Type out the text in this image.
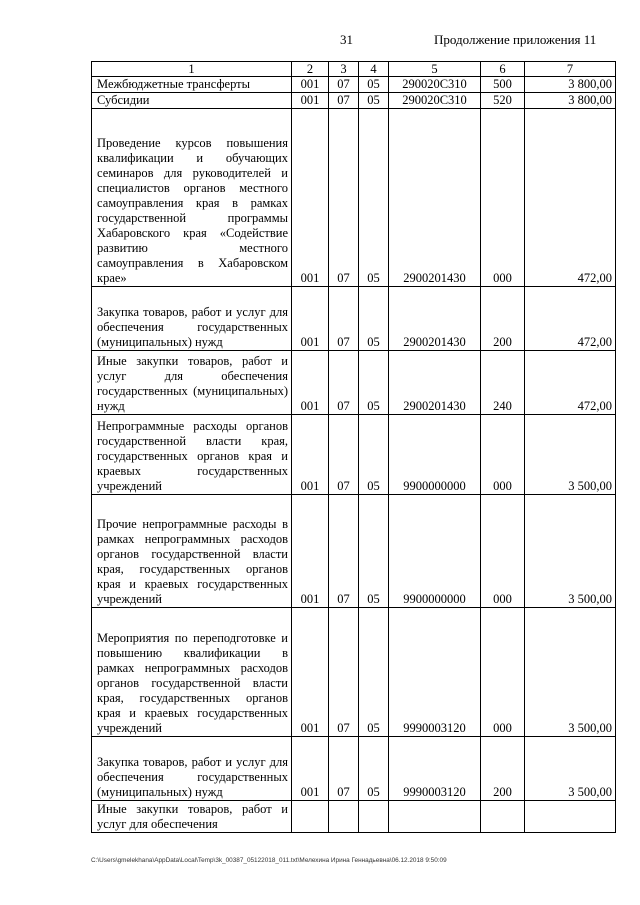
31	Продолжение приложения 11
1	2	3	4	5	6	7
Межбюджетные трансферты	001	07	05	290020С310	500	3 800,00
Субсидии	001	07	05	290020С310	520	3 800,00
Проведение курсов повышения квалификации и обучающих семинаров для руководителей и специалистов органов местного самоуправления края в рамках государственной программы Хабаровского края «Содействие развитию местного самоуправления в Хабаровском крае»	001	07	05	2900201430	000	472,00
Закупка товаров, работ и услуг для обеспечения государственных (муниципальных) нужд	001	07	05	2900201430	200	472,00
Иные закупки товаров, работ и услуг для обеспечения государственных (муниципальных) нужд	001	07	05	2900201430	240	472,00
Непрограммные расходы органов государственной власти края, государственных органов края и краевых государственных учреждений	001	07	05	9900000000	000	3 500,00
Прочие непрограммные расходы в рамках непрограммных расходов органов государственной власти края, государственных органов края и краевых государственных учреждений	001	07	05	9900000000	000	3 500,00
Мероприятия по переподготовке и повышению квалификации в рамках непрограммных расходов органов государственной власти края, государственных органов края и краевых государственных учреждений	001	07	05	9990003120	000	3 500,00
Закупка товаров, работ и услуг для обеспечения государственных (муниципальных) нужд	001	07	05	9990003120	200	3 500,00
Иные закупки товаров, работ и услуг для обеспечения						
C:\Users\gmelekhana\AppData\Local\Temp\3k_00387_05122018_011.txt\Мелехина Ирина Геннадьевна\06.12.2018 9:50:09
